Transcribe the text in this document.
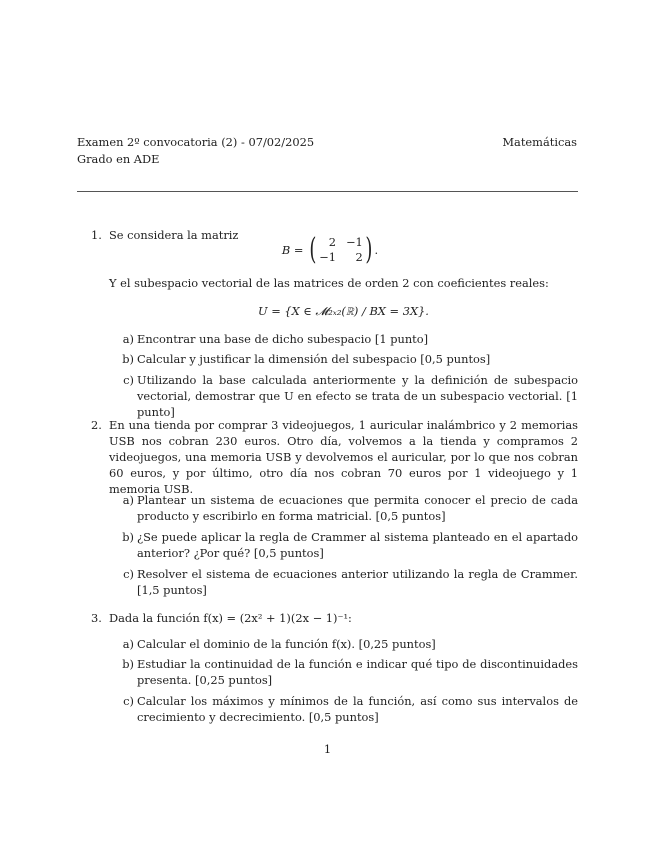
Examen 2º convocatoria (2) - 07/02/2025	Matemáticas
Grado en ADE
1. Se considera la matriz
B = (	2 −1
−1	2 ) .
Y el subespacio vectorial de las matrices de orden 2 con coeficientes reales:
U = {X ∈ 𝓜₂ₓ₂(ℝ) / BX = 3X}.
a) Encontrar una base de dicho subespacio [1 punto]
b) Calcular y justificar la dimensión del subespacio [0,5 puntos]
c) Utilizando la base calculada anteriormente y la definición de subespacio vectorial, demostrar que U en efecto se trata de un subespacio vectorial. [1 punto]
2. En una tienda por comprar 3 videojuegos, 1 auricular inalámbrico y 2 memorias USB nos cobran 230 euros. Otro día, volvemos a la tienda y compramos 2 videojuegos, una memoria USB y devolvemos el auricular, por lo que nos cobran 60 euros, y por último, otro día nos cobran 70 euros por 1 videojuego y 1 memoria USB.
a) Plantear un sistema de ecuaciones que permita conocer el precio de cada producto y escribirlo en forma matricial. [0,5 puntos]
b) ¿Se puede aplicar la regla de Crammer al sistema planteado en el apartado anterior? ¿Por qué? [0,5 puntos]
c) Resolver el sistema de ecuaciones anterior utilizando la regla de Crammer. [1,5 puntos]
3. Dada la función f(x) = (2x² + 1)(2x − 1)⁻¹:
a) Calcular el dominio de la función f(x). [0,25 puntos]
b) Estudiar la continuidad de la función e indicar qué tipo de discontinuidades presenta. [0,25 puntos]
c) Calcular los máximos y mínimos de la función, así como sus intervalos de crecimiento y decrecimiento. [0,5 puntos]
1
